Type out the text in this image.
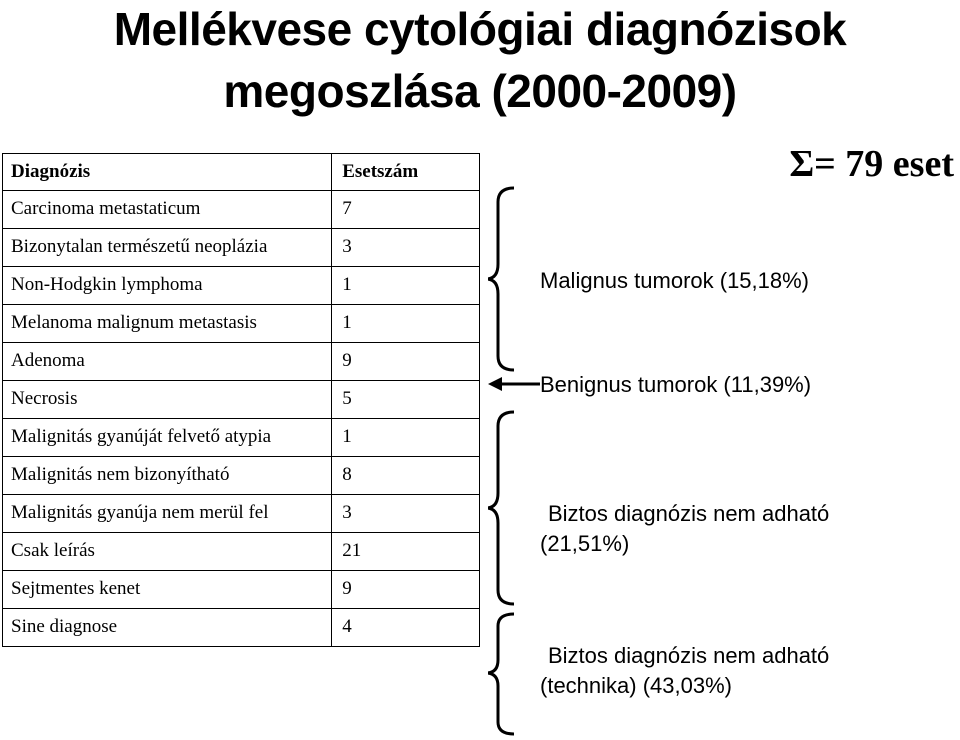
Mellékvese cytológiai diagnózisok
megoszlása (2000-2009)
Diagnózis	Esetszám
Carcinoma metastaticum	7
Bizonytalan természetű neoplázia	3
Non-Hodgkin lymphoma	1
Melanoma malignum metastasis	1
Adenoma	9
Necrosis	5
Malignitás gyanúját felvető atypia	1
Malignitás nem bizonyítható	8
Malignitás gyanúja nem merül fel	3
Csak leírás	21
Sejtmentes kenet	9
Sine diagnose	4
Σ= 79 eset
Malignus tumorok (15,18%)
Benignus tumorok (11,39%)
Biztos diagnózis nem adható
(21,51%)
Biztos diagnózis nem adható
(technika) (43,03%)
